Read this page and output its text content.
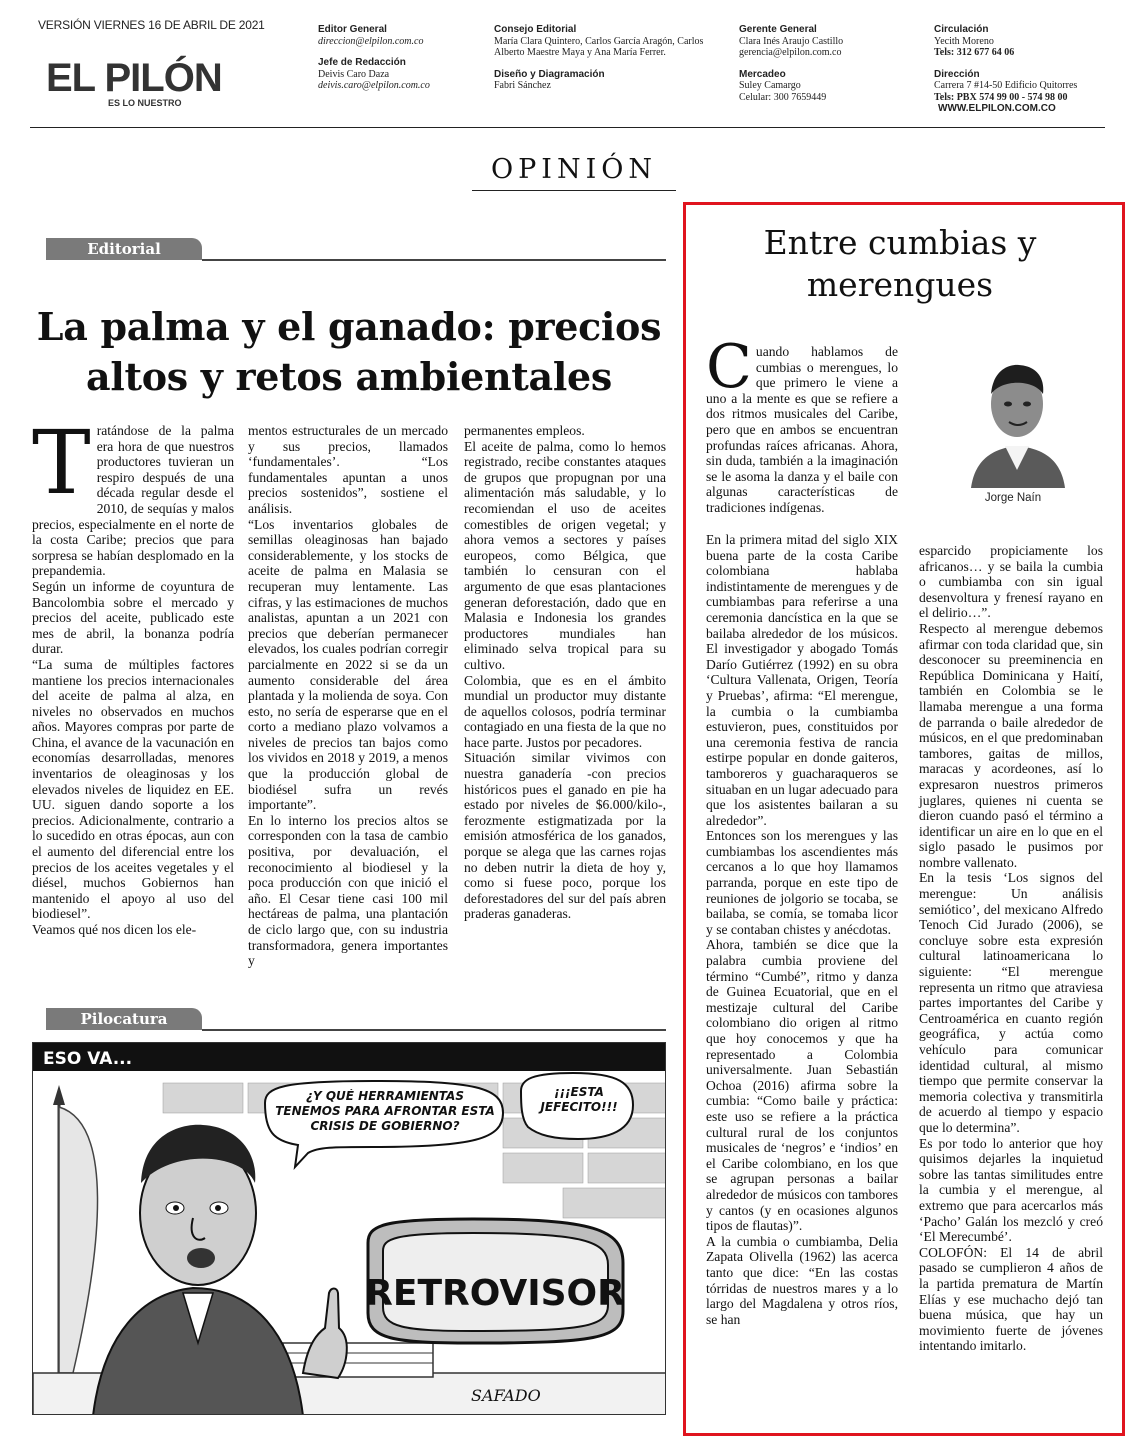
VERSIÓN VIERNES 16 DE ABRIL DE 2021
EL PILÓN
ES LO NUESTRO
Editor General
direccion@elpilon.com.co
Jefe de Redacción
Deivis Caro Daza
deivis.caro@elpilon.com.co
Consejo Editorial
María Clara Quintero, Carlos García Aragón, Carlos Alberto Maestre Maya y Ana María Ferrer.
Diseño y Diagramación
Fabri Sánchez
Gerente General
Clara Inés Araujo Castillo
gerencia@elpilon.com.co
Mercadeo
Suley Camargo
Celular: 300 7659449
Circulación
Yecith Moreno
Tels: 312 677 64 06
Dirección
Carrera 7 #14-50 Edificio Quitorres
Tels: PBX 574 99 00 - 574 98 00
WWW.ELPILON.COM.CO
OPINIÓN
Editorial
La palma y el ganado: precios altos y retos ambientales

Tratándose de la palma era hora de que nuestros productores tuvieran un respiro después de una década regular desde el 2010, de sequías y malos precios, especialmente en el norte de la costa Caribe; precios que para sorpresa se habían desplomado en la prepandemia.

Según un informe de coyuntura de Bancolombia sobre el mercado y precios del aceite, publicado este mes de abril, la bonanza podría durar.

“La suma de múltiples factores mantiene los precios internacionales del aceite de palma al alza, en niveles no observados en muchos años. Mayores compras por parte de China, el avance de la vacunación en economías desarrolladas, menores inventarios de oleaginosas y los elevados niveles de liquidez en EE. UU. siguen dando soporte a los precios. Adicionalmente, contrario a lo sucedido en otras épocas, aun con el aumento del diferencial entre los precios de los aceites vegetales y el diésel, muchos Gobiernos han mantenido el apoyo al uso del biodiesel”.

Veamos qué nos dicen los ele-

mentos estructurales de un mercado y sus precios, llamados ‘fundamentales’. “Los fundamentales apuntan a unos precios sostenidos”, sostiene el análisis.

“Los inventarios globales de semillas oleaginosas han bajado considerablemente, y los stocks de aceite de palma en Malasia se recuperan muy lentamente. Las cifras, y las estimaciones de muchos analistas, apuntan a un 2021 con precios que deberían permanecer elevados, los cuales podrían corregir parcialmente en 2022 si se da un aumento considerable del área plantada y la molienda de soya. Con esto, no sería de esperarse que en el corto a mediano plazo volvamos a niveles de precios tan bajos como los vividos en 2018 y 2019, a menos que la producción global de biodiésel sufra un revés importante”.

En lo interno los precios altos se corresponden con la tasa de cambio positiva, por devaluación, el reconocimiento al biodiesel y la poca producción con que inició el año. El Cesar tiene casi 100 mil hectáreas de palma, una plantación de ciclo largo que, con su industria transformadora, genera importantes y

permanentes empleos.

El aceite de palma, como lo hemos registrado, recibe constantes ataques de grupos que propugnan por una alimentación más saludable, y lo recomiendan el uso de aceites comestibles de origen vegetal; y ahora vemos a sectores y países europeos, como Bélgica, que también lo censuran con el argumento de que esas plantaciones generan deforestación, dado que en Malasia e Indonesia los grandes productores mundiales han eliminado selva tropical para su cultivo.

Colombia, que es en el ámbito mundial un productor muy distante de aquellos colosos, podría terminar contagiado en una fiesta de la que no hace parte. Justos por pecadores.

Situación similar vivimos con nuestra ganadería -con precios históricos pues el ganado en pie ha estado por niveles de $6.000/kilo-, ferozmente estigmatizada por la emisión atmosférica de los ganados, porque se alega que las carnes rojas no deben nutrir la dieta de hoy y, como si fuese poco, porque los deforestadores del sur del país abren praderas ganaderas.

Pilocatura
ESO VA...
¿Y QUÉ HERRAMIENTAS TENEMOS PARA AFRONTAR ESTA CRISIS DE GOBIERNO?
¡¡¡ESTA JEFECITO!!!
RETROVISOR
SAFADO
Entre cumbias y merengues
Jorge Naín

Cuando hablamos de cumbias o merengues, lo que primero le viene a uno a la mente es que se refiere a dos ritmos musicales del Caribe, pero que en ambos se encuentran profundas raíces africanas. Ahora, sin duda, también a la imaginación se le asoma la danza y el baile con algunas características de tradiciones indígenas.

En la primera mitad del siglo XIX buena parte de la costa Caribe colombiana hablaba indistintamente de merengues y de cumbiambas para referirse a una ceremonia dancística en la que se bailaba alrededor de los músicos. El investigador y abogado Tomás Darío Gutiérrez (1992) en su obra ‘Cultura Vallenata, Origen, Teoría y Pruebas’, afirma: “El merengue, la cumbia o la cumbiamba estuvieron, pues, constituidos por una ceremonia festiva de rancia estirpe popular en donde gaiteros, tamboreros y guacharaqueros se situaban en un lugar adecuado para que los asistentes bailaran a su alrededor”.

Entonces son los merengues y las cumbiambas los ascendientes más cercanos a lo que hoy llamamos parranda, porque en este tipo de reuniones de jolgorio se tocaba, se bailaba, se comía, se tomaba licor y se contaban chistes y anécdotas.

Ahora, también se dice que la palabra cumbia proviene del término “Cumbé”, ritmo y danza de Guinea Ecuatorial, que en el mestizaje cultural del Caribe colombiano dio origen al ritmo que hoy conocemos y que ha representado a Colombia universalmente. Juan Sebastián Ochoa (2016) afirma sobre la cumbia: “Como baile y práctica: este uso se refiere a la práctica cultural rural de los conjuntos musicales de ‘negros’ e ‘indios’ en el Caribe colombiano, en los que se agrupan personas a bailar alrededor de músicos con tambores y cantos (y en ocasiones algunos tipos de flautas)”.

A la cumbia o cumbiamba, Delia Zapata Olivella (1962) las acerca tanto que dice: “En las costas tórridas de nuestros mares y a lo largo del Magdalena y otros ríos, se han

esparcido propiciamente los africanos… y se baila la cumbia o cumbiamba con sin igual desenvoltura y frenesí rayano en el delirio…”.

Respecto al merengue debemos afirmar con toda claridad que, sin desconocer su preeminencia en República Dominicana y Haití, también en Colombia se le llamaba merengue a una forma de parranda o baile alrededor de músicos, en el que predominaban tambores, gaitas de millos, maracas y acordeones, así lo expresaron nuestros primeros juglares, quienes ni cuenta se dieron cuando pasó el término a identificar un aire en lo que en el siglo pasado le pusimos por nombre vallenato.

En la tesis ‘Los signos del merengue: Un análisis semiótico’, del mexicano Alfredo Tenoch Cid Jurado (2006), se concluye sobre esta expresión cultural latinoamericana lo siguiente: “El merengue representa un ritmo que atraviesa partes importantes del Caribe y Centroamérica en cuanto región geográfica, y actúa como vehículo para comunicar identidad cultural, al mismo tiempo que permite conservar la memoria colectiva y transmitirla de acuerdo al tiempo y espacio que lo determina”.

Es por todo lo anterior que hoy quisimos dejarles la inquietud sobre las tantas similitudes entre la cumbia y el merengue, al extremo que para acercarlos más ‘Pacho’ Galán los mezcló y creó ‘El Merecumbé’.

COLOFÓN: El 14 de abril pasado se cumplieron 4 años de la partida prematura de Martín Elías y ese muchacho dejó tan buena música, que hay un movimiento fuerte de jóvenes intentando imitarlo.
